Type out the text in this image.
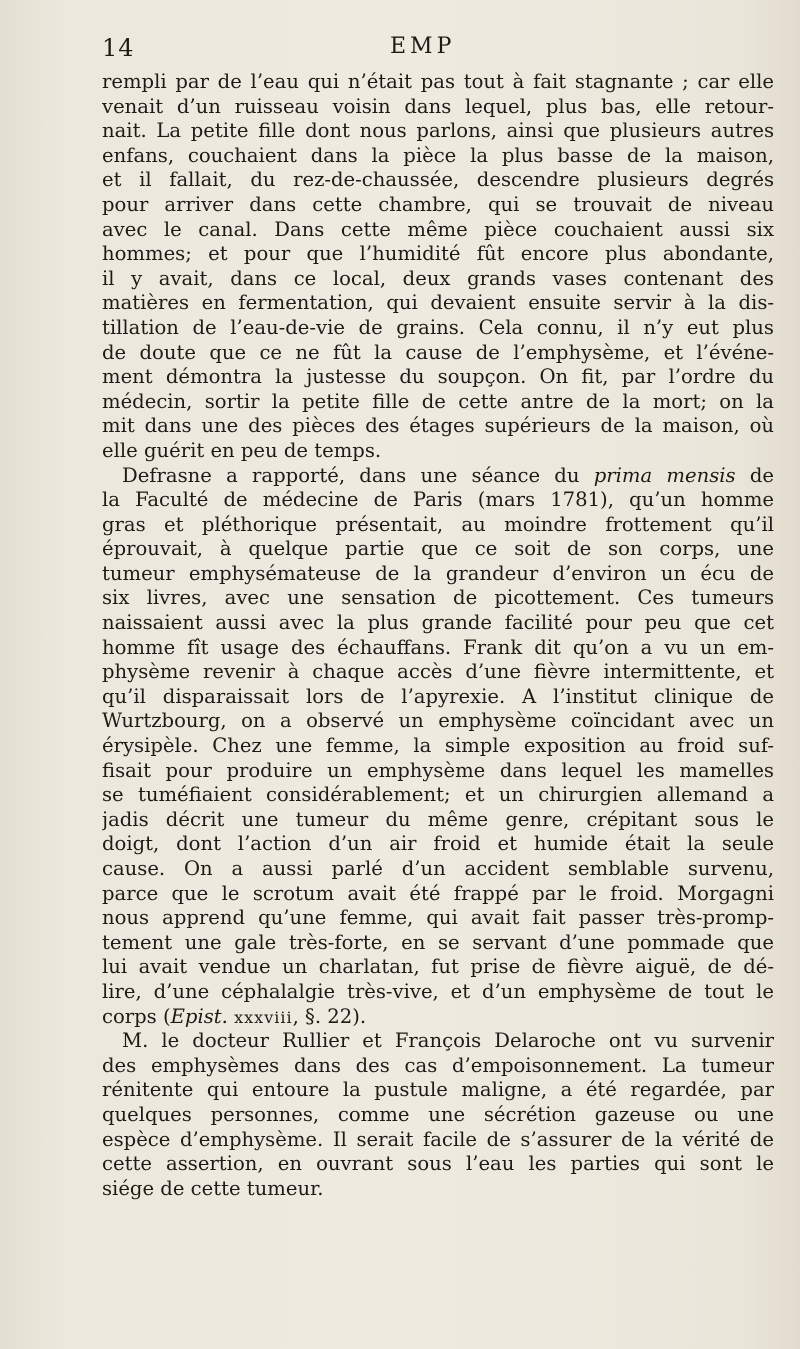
14	EMP
rempli par de l’eau qui n’était pas tout à fait stagnante ; car elle
venait d’un ruisseau voisin dans lequel, plus bas, elle retour-
nait. La petite fille dont nous parlons, ainsi que plusieurs autres
enfans, couchaient dans la pièce la plus basse de la maison,
et il fallait, du rez-de-chaussée, descendre plusieurs degrés
pour arriver dans cette chambre, qui se trouvait de niveau
avec le canal. Dans cette même pièce couchaient aussi six
hommes; et pour que l’humidité fût encore plus abondante,
il y avait, dans ce local, deux grands vases contenant des
matières en fermentation, qui devaient ensuite servir à la dis-
tillation de l’eau-de-vie de grains. Cela connu, il n’y eut plus
de doute que ce ne fût la cause de l’emphysème, et l’événe-
ment démontra la justesse du soupçon. On fit, par l’ordre du
médecin, sortir la petite fille de cette antre de la mort; on la
mit dans une des pièces des étages supérieurs de la maison, où
elle guérit en peu de temps.
Defrasne a rapporté, dans une séance du prima mensis de
la Faculté de médecine de Paris (mars 1781), qu’un homme
gras et pléthorique présentait, au moindre frottement qu’il
éprouvait, à quelque partie que ce soit de son corps, une
tumeur emphysémateuse de la grandeur d’environ un écu de
six livres, avec une sensation de picottement. Ces tumeurs
naissaient aussi avec la plus grande facilité pour peu que cet
homme fît usage des échauffans. Frank dit qu’on a vu un em-
physème revenir à chaque accès d’une fièvre intermittente, et
qu’il disparaissait lors de l’apyrexie. A l’institut clinique de
Wurtzbourg, on a observé un emphysème coïncidant avec un
érysipèle. Chez une femme, la simple exposition au froid suf-
fisait pour produire un emphysème dans lequel les mamelles
se tuméfiaient considérablement; et un chirurgien allemand a
jadis décrit une tumeur du même genre, crépitant sous le
doigt, dont l’action d’un air froid et humide était la seule
cause. On a aussi parlé d’un accident semblable survenu,
parce que le scrotum avait été frappé par le froid. Morgagni
nous apprend qu’une femme, qui avait fait passer très-promp-
tement une gale très-forte, en se servant d’une pommade que
lui avait vendue un charlatan, fut prise de fièvre aiguë, de dé-
lire, d’une céphalalgie très-vive, et d’un emphysème de tout le
corps (Epist. xxxviii, §. 22).
M. le docteur Rullier et François Delaroche ont vu survenir
des emphysèmes dans des cas d’empoisonnement. La tumeur
rénitente qui entoure la pustule maligne, a été regardée, par
quelques personnes, comme une sécrétion gazeuse ou une
espèce d’emphysème. Il serait facile de s’assurer de la vérité de
cette assertion, en ouvrant sous l’eau les parties qui sont le
siége de cette tumeur.
